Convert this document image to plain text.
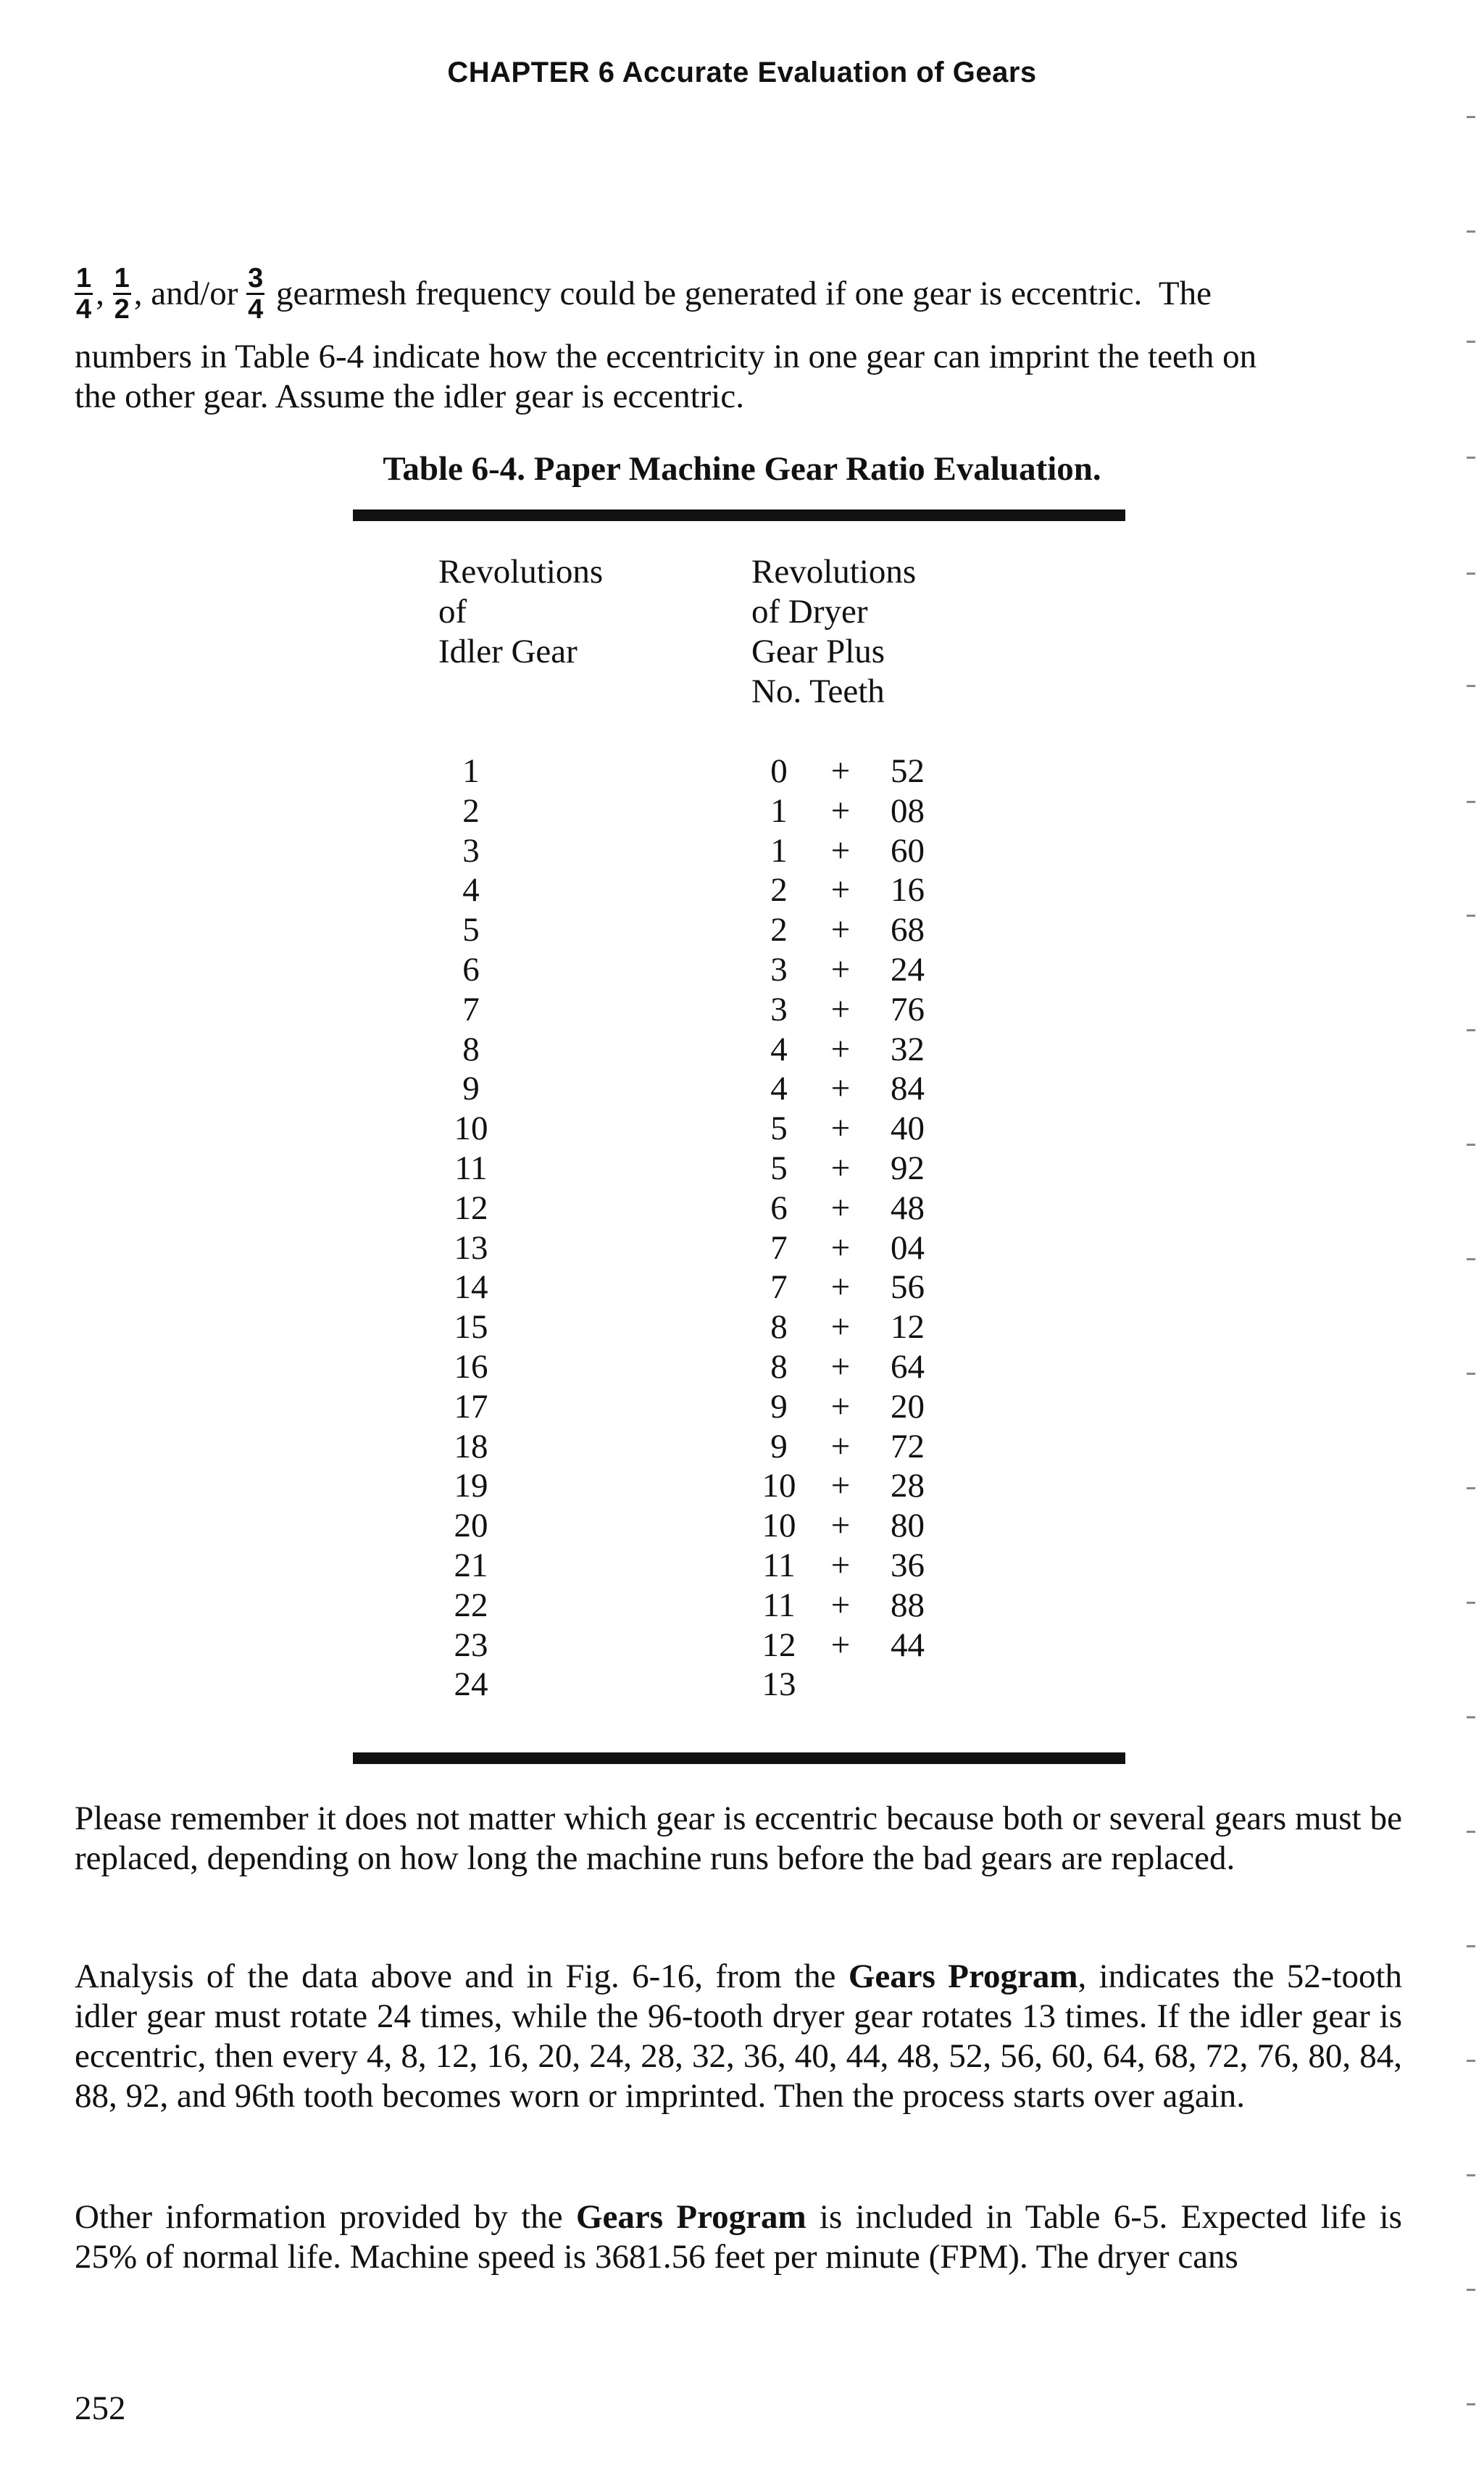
CHAPTER 6 Accurate Evaluation of Gears
$\frac{1}{4}$ , $\frac{1}{2}$ , $and/or \frac{3}{4}$ gearmesh frequency could be generated if one gear is eccentric.  The
numbers in Table 6-4 indicate how the eccentricity in one gear can imprint the teeth on
the other gear. Assume the idler gear is eccentric.
Table 6-4. Paper Machine Gear Ratio Evaluation.
Revolutions
of
Idler Gear
Revolutions
of Dryer
Gear Plus
No. Teeth
1	0	+ 52
2	1	+ 08
3	1	+ 60
4	2	+ 16
5	2	+ 68
6	3	+ 24
7	3	+ 76
8	4	+ 32
9	4	+ 84
10	5	+ 40
11	5	+ 92
12	6	+ 48
13	7	+ 04
14	7	+ 56
15	8	+ 12
16	8	+ 64
17	9	+ 20
18	9	+ 72
19	10	+ 28
20	10	+ 80
21	11	+ 36
22	11	+ 88
23	12	+ 44
24	13
Please remember it does not matter which gear is eccentric because both or several gears must be replaced, depending on how long the machine runs before the bad gears are replaced.
Analysis of the data above and in Fig. 6-16, from the Gears Program, indicates the 52-tooth idler gear must rotate 24 times, while the 96-tooth dryer gear rotates 13 times. If the idler gear is eccentric, then every 4, 8, 12, 16, 20, 24, 28, 32, 36, 40, 44, 48, 52, 56, 60, 64, 68, 72, 76, 80, 84, 88, 92, and 96th tooth becomes worn or imprinted. Then the process starts over again.
Other information provided by the Gears Program is included in Table 6-5. Expected life is 25% of normal life. Machine speed is 3681.56 feet per minute (FPM). The dryer cans
252
